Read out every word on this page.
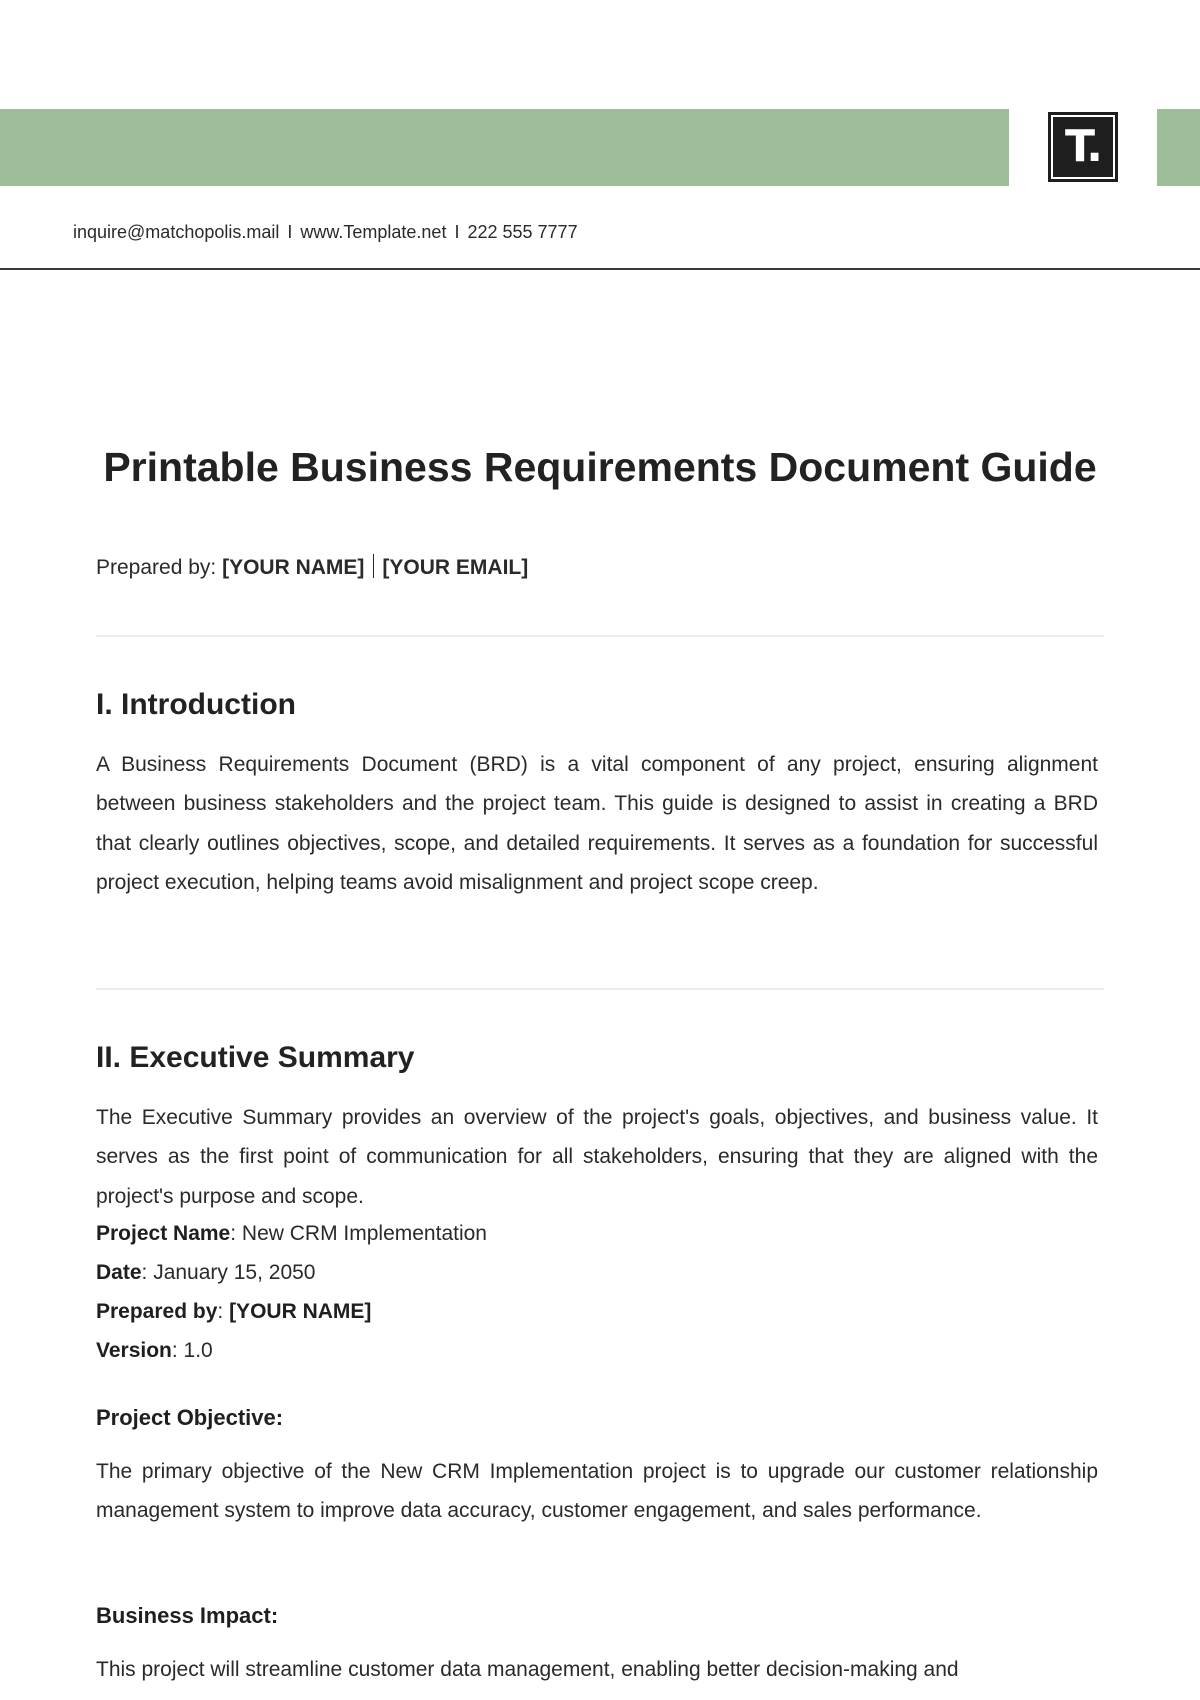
T.
inquire@matchopolis.mail I www.Template.net I 222 555 7777
Printable Business Requirements Document Guide
Prepared by: [YOUR NAME] [YOUR EMAIL]
I. Introduction

A Business Requirements Document (BRD) is a vital component of any project, ensuring alignment between business stakeholders and the project team. This guide is designed to assist in creating a BRD that clearly outlines objectives, scope, and detailed requirements. It serves as a foundation for successful project execution, helping teams avoid misalignment and project scope creep.

II. Executive Summary

The Executive Summary provides an overview of the project's goals, objectives, and business value. It serves as the first point of communication for all stakeholders, ensuring that they are aligned with the project's purpose and scope.

Project Name: New CRM Implementation
Date: January 15, 2050
Prepared by: [YOUR NAME]
Version: 1.0
Project Objective:

The primary objective of the New CRM Implementation project is to upgrade our customer relationship management system to improve data accuracy, customer engagement, and sales performance.

Business Impact:

This project will streamline customer data management, enabling better decision-making and
